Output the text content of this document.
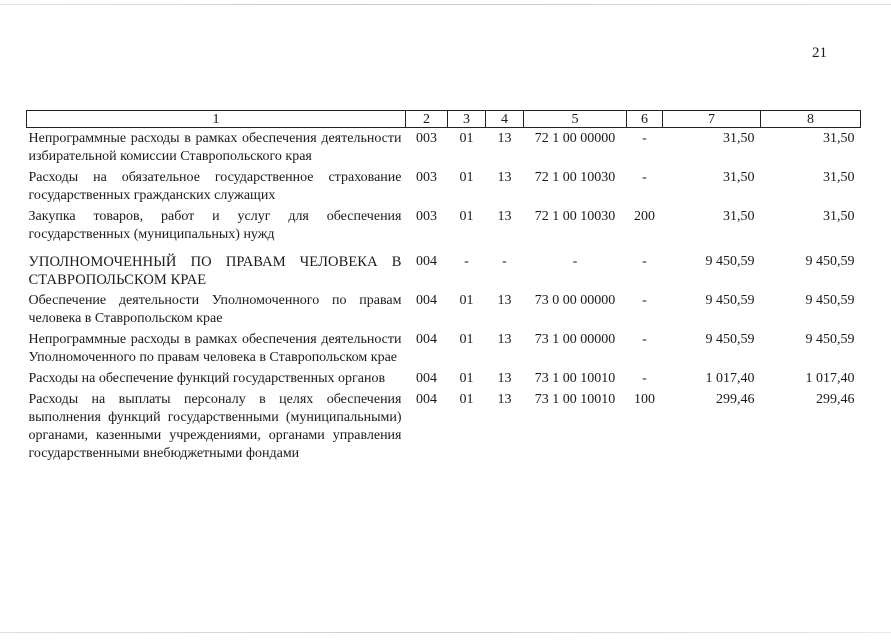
21
1	2	3	4	5	6	7	8
Непрограммные расходы в рамках обеспечения деятельности избирательной комиссии Ставропольского края	003	01	13	72 1 00 00000	-	31,50	31,50
Расходы на обязательное государственное страхование государственных гражданских служащих	003	01	13	72 1 00 10030	-	31,50	31,50
Закупка товаров, работ и услуг для обеспечения государственных (муниципальных) нужд	003	01	13	72 1 00 10030	200	31,50	31,50

УПОЛНОМОЧЕННЫЙ ПО ПРАВАМ ЧЕЛОВЕКА В СТАВРОПОЛЬСКОМ КРАЕ	004	-	-	-	-	9 450,59	9 450,59
Обеспечение деятельности Уполномоченного по правам человека в Ставропольском крае	004	01	13	73 0 00 00000	-	9 450,59	9 450,59
Непрограммные расходы в рамках обеспечения деятельности Уполномоченного по правам человека в Ставропольском крае	004	01	13	73 1 00 00000	-	9 450,59	9 450,59
Расходы на обеспечение функций государственных органов	004	01	13	73 1 00 10010	-	1 017,40	1 017,40
Расходы на выплаты персоналу в целях обеспечения выполнения функций государственными (муниципальными) органами, казенными учреждениями, органами управления государственными внебюджетными фондами	004	01	13	73 1 00 10010	100	299,46	299,46
